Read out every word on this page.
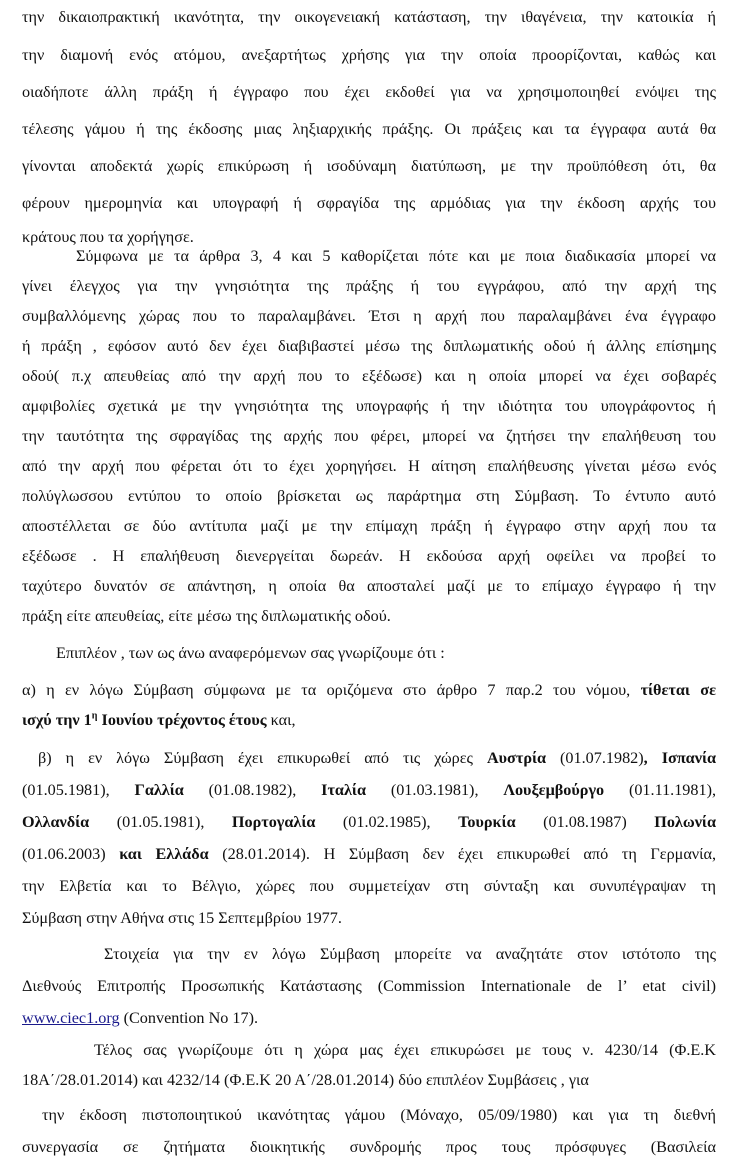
την δικαιοπρακτική ικανότητα, την οικογενειακή κατάσταση, την ιθαγένεια, την κατοικία ή
την διαμονή ενός ατόμου, ανεξαρτήτως χρήσης για την οποία προορίζονται, καθώς και
οιαδήποτε άλλη πράξη ή έγγραφο που έχει εκδοθεί για να χρησιμοποιηθεί ενόψει της
τέλεσης γάμου ή της έκδοσης μιας ληξιαρχικής πράξης. Οι πράξεις και τα έγγραφα αυτά θα
γίνονται αποδεκτά χωρίς επικύρωση ή ισοδύναμη διατύπωση, με την προϋπόθεση ότι, θα
φέρουν ημερομηνία και υπογραφή ή σφραγίδα της αρμόδιας για την έκδοση αρχής του
κράτους που τα χορήγησε.
Σύμφωνα με τα άρθρα 3, 4 και 5 καθορίζεται πότε και με ποια διαδικασία μπορεί να
γίνει έλεγχος για την γνησιότητα της πράξης ή του εγγράφου, από την αρχή της
συμβαλλόμενης χώρας που το παραλαμβάνει. Έτσι η αρχή που παραλαμβάνει ένα έγγραφο
ή πράξη , εφόσον αυτό δεν έχει διαβιβαστεί μέσω της διπλωματικής οδού ή άλλης επίσημης
οδού( π.χ απευθείας από την αρχή που το εξέδωσε) και η οποία μπορεί να έχει σοβαρές
αμφιβολίες σχετικά με την γνησιότητα της υπογραφής ή την ιδιότητα του υπογράφοντος ή
την ταυτότητα της σφραγίδας της αρχής που φέρει, μπορεί να ζητήσει την επαλήθευση του
από την αρχή που φέρεται ότι το έχει χορηγήσει. Η αίτηση επαλήθευσης γίνεται μέσω ενός
πολύγλωσσου εντύπου το οποίο βρίσκεται ως παράρτημα στη Σύμβαση. Το έντυπο αυτό
αποστέλλεται σε δύο αντίτυπα μαζί με την επίμαχη πράξη ή έγγραφο στην αρχή που τα
εξέδωσε . Η επαλήθευση διενεργείται δωρεάν. Η εκδούσα αρχή οφείλει να προβεί το
ταχύτερο δυνατόν σε απάντηση, η οποία θα αποσταλεί μαζί με το επίμαχο έγγραφο ή την
πράξη είτε απευθείας, είτε μέσω της διπλωματικής οδού.
Επιπλέον , των ως άνω αναφερόμενων σας γνωρίζουμε ότι :
α) η εν λόγω Σύμβαση σύμφωνα με τα οριζόμενα στο άρθρο 7 παρ.2 του νόμου, τίθεται σε
ισχύ την $1^\eta$ Ιουνίου τρέχοντος έτους και,
β) η εν λόγω Σύμβαση έχει επικυρωθεί από τις χώρες Αυστρία (01.07.1982), Ισπανία
(01.05.1981), Γαλλία (01.08.1982), Ιταλία (01.03.1981), Λουξεμβούργο (01.11.1981),
Ολλανδία (01.05.1981), Πορτογαλία (01.02.1985), Τουρκία (01.08.1987) Πολωνία
(01.06.2003) και Ελλάδα (28.01.2014). Η Σύμβαση δεν έχει επικυρωθεί από τη Γερμανία,
την Ελβετία και το Βέλγιο, χώρες που συμμετείχαν στη σύνταξη και συνυπέγραψαν τη
Σύμβαση στην Αθήνα στις 15 Σεπτεμβρίου 1977.
Στοιχεία για την εν λόγω Σύμβαση μπορείτε να αναζητάτε στον ιστότοπο της
Διεθνούς Επιτροπής Προσωπικής Κατάστασης (Commission Internationale de l’ etat civil)
www.ciec1.org (Convention No 17).
Τέλος σας γνωρίζουμε ότι η χώρα μας έχει επικυρώσει με τους ν. 4230/14 (Φ.Ε.Κ
18Α΄/28.01.2014) και 4232/14 (Φ.Ε.Κ 20 Α΄/28.01.2014) δύο επιπλέον Συμβάσεις , για
την έκδοση πιστοποιητικού ικανότητας γάμου (Μόναχο, 05/09/1980) και για τη διεθνή
συνεργασία σε ζητήματα διοικητικής συνδρομής προς τους πρόσφυγες (Βασιλεία
